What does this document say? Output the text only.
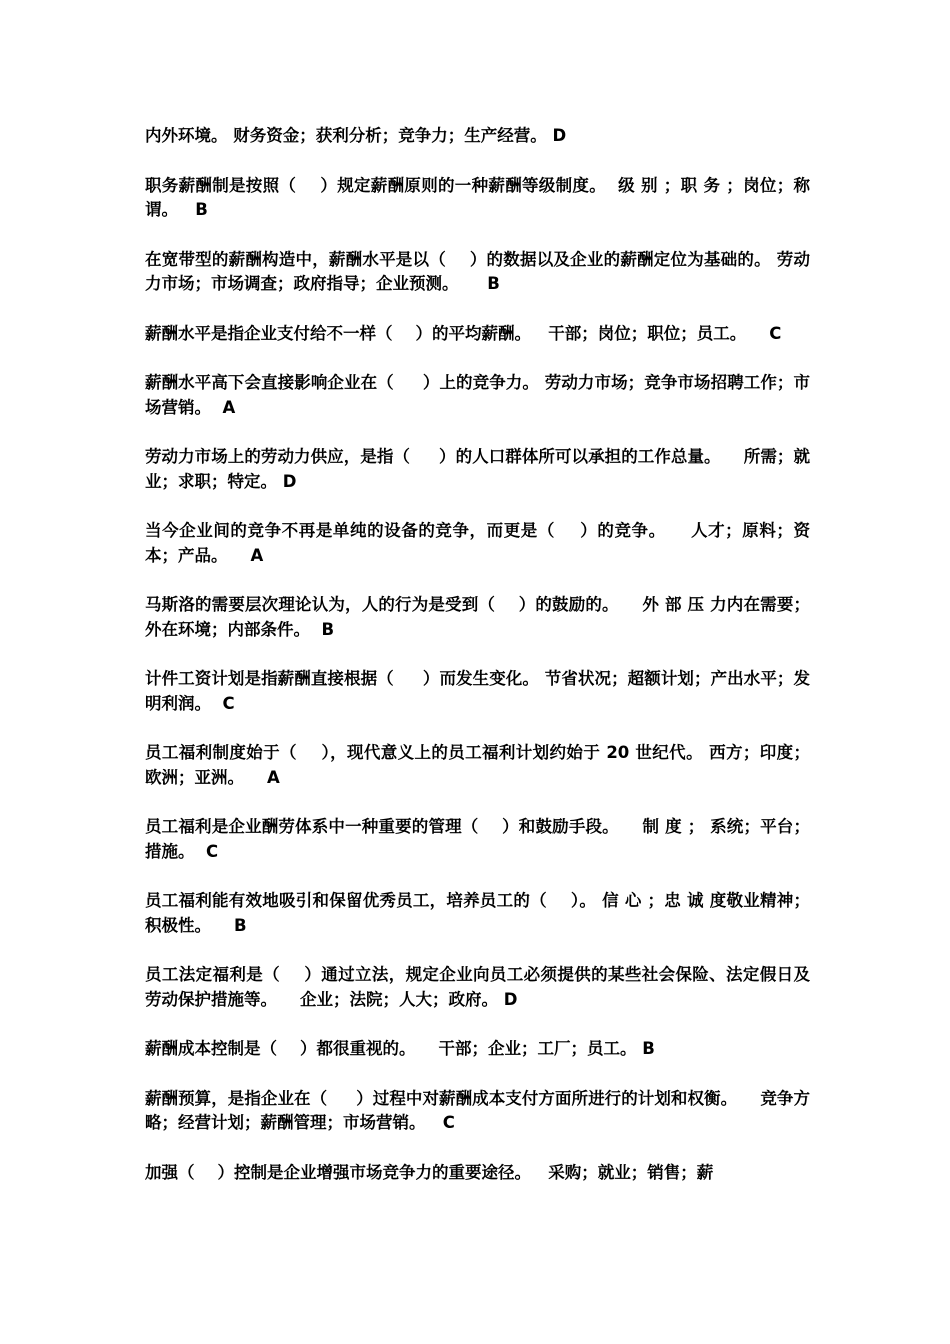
内外环境。 财务资金；获利分析；竞争力；生产经营。 D

职务薪酬制是按照（    ）规定薪酬原则的一种薪酬等级制度。  级 别 ；职 务 ；岗位；称谓。   B

在宽带型的薪酬构造中，薪酬水平是以（    ）的数据以及企业的薪酬定位为基础的。 劳动力市场；市场调查；政府指导；企业预测。     B

薪酬水平是指企业支付给不一样（    ）的平均薪酬。   干部；岗位；职位；员工。    C

薪酬水平高下会直接影响企业在（     ）上的竞争力。 劳动力市场；竞争市场招聘工作；市场营销。  A

劳动力市场上的劳动力供应，是指（     ）的人口群体所可以承担的工作总量。    所需；就业；求职；特定。 D

当今企业间的竞争不再是单纯的设备的竞争，而更是（    ）的竞争。    人才；原料；资本；产品。    A

马斯洛的需要层次理论认为，人的行为是受到（    ）的鼓励的。    外 部 压 力内在需要；外在环境；内部条件。  B

计件工资计划是指薪酬直接根据（     ）而发生变化。 节省状况；超额计划；产出水平；发明利润。  C

员工福利制度始于（    ），现代意义上的员工福利计划约始于 20 世纪代。 西方；印度；欧洲；亚洲。    A

员工福利是企业酬劳体系中一种重要的管理（    ）和鼓励手段。    制 度 ； 系统；平台；措施。  C

员工福利能有效地吸引和保留优秀员工，培养员工的（    ）。 信 心 ；忠 诚 度敬业精神；积极性。    B

员工法定福利是（    ）通过立法，规定企业向员工必须提供的某些社会保险、法定假日及劳动保护措施等。    企业；法院；人大；政府。 D

薪酬成本控制是（    ）都很重视的。    干部；企业；工厂；员工。 B

薪酬预算，是指企业在（     ）过程中对薪酬成本支付方面所进行的计划和权衡。    竞争方略；经营计划；薪酬管理；市场营销。   C

加强（    ）控制是企业增强市场竞争力的重要途径。   采购；就业；销售；薪
